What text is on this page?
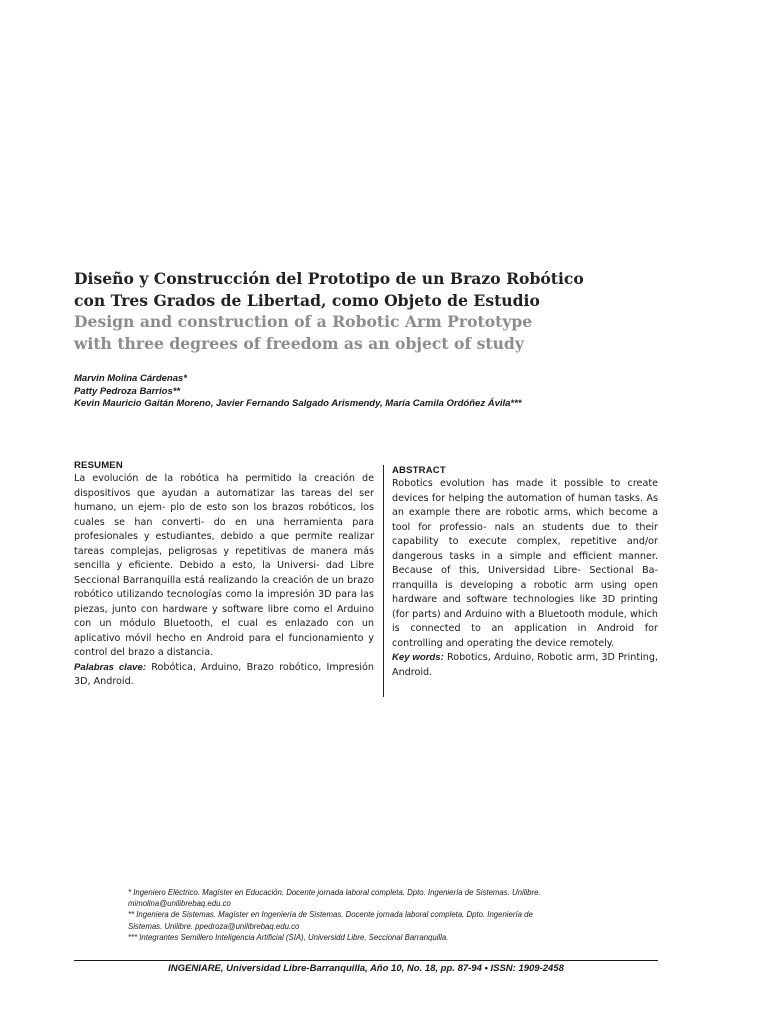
Diseño y Construcción del Prototipo de un Brazo Robótico
con Tres Grados de Libertad, como Objeto de Estudio
Design and construction of a Robotic Arm Prototype
with three degrees of freedom as an object of study
Marvin Molina Cárdenas*
Patty Pedroza Barrios**
Kevin Mauricio Gaitán Moreno, Javier Fernando Salgado Arismendy, María Camila Ordóñez Ávila***
RESUMEN
La evolución de la robótica ha permitido la creación de dispositivos que ayudan a automatizar las tareas del ser humano, un ejem- plo de esto son los brazos robóticos, los cuales se han converti- do en una herramienta para profesionales y estudiantes, debido a que permite realizar tareas complejas, peligrosas y repetitivas de manera más sencilla y eficiente. Debido a esto, la Universi- dad Libre Seccional Barranquilla está realizando la creación de un brazo robótico utilizando tecnologías como la impresión 3D para las piezas, junto con hardware y software libre como el Arduino con un módulo Bluetooth, el cual es enlazado con un aplicativo móvil hecho en Android para el funcionamiento y control del brazo a distancia.
Palabras clave: Robótica, Arduino, Brazo robótico, Impresión 3D, Android.
ABSTRACT
Robotics evolution has made it possible to create devices for helping the automation of human tasks. As an example there are robotic arms, which become a tool for professio- nals an students due to their capability to execute complex, repetitive and/or dangerous tasks in a simple and efficient manner. Because of this, Universidad Libre- Sectional Ba- rranquilla is developing a robotic arm using open hardware and software technologies like 3D printing (for parts) and Arduino with a Bluetooth module, which is connected to an application in Android for controlling and operating the device remotely.
Key words: Robotics, Arduino, Robotic arm, 3D Printing, Android.
* Ingeniero Eléctrico. Magíster en Educación. Docente jornada laboral completa. Dpto. Ingeniería de Sistemas. Unilibre.
mimolina@unilibrebaq.edu.co
** Ingeniera de Sistemas. Magíster en Ingeniería de Sistemas. Docente jornada laboral completa, Dpto. Ingeniería de
Sistemas. Unilibre. ppedroza@unilibrebaq.edu.co
*** Integrantes Semillero Inteligencia Artificial (SIA), Universidd Libre, Seccional Barranquilla.
INGENIARE, Universidad Libre-Barranquilla, Año 10, No. 18, pp. 87-94 • ISSN: 1909-2458
